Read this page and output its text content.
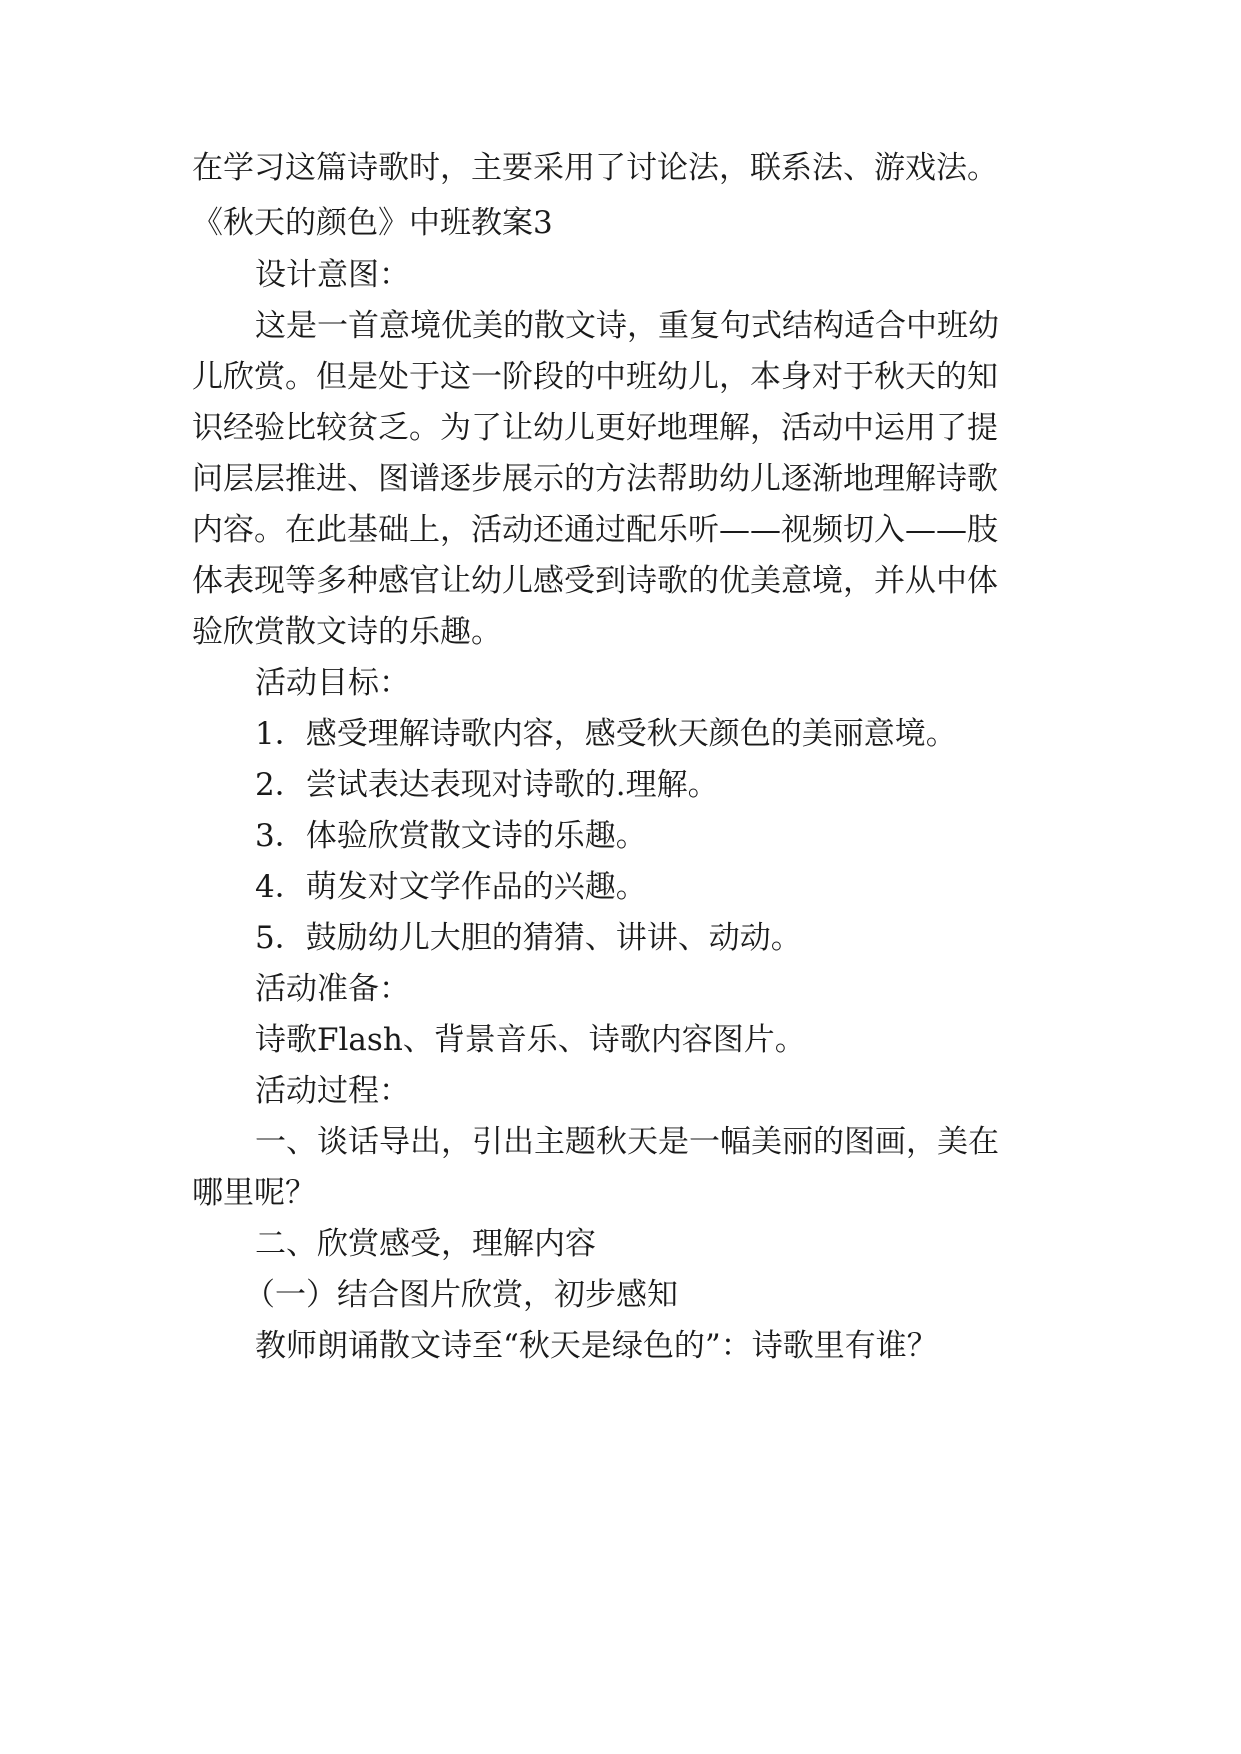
在学习这篇诗歌时，主要采用了讨论法，联系法、游戏法。
《秋天的颜色》中班教案3
设计意图：
这是一首意境优美的散文诗，重复句式结构适合中班幼
儿欣赏。但是处于这一阶段的中班幼儿，本身对于秋天的知
识经验比较贫乏。为了让幼儿更好地理解，活动中运用了提
问层层推进、图谱逐步展示的方法帮助幼儿逐渐地理解诗歌
内容。在此基础上，活动还通过配乐听——视频切入——肢
体表现等多种感官让幼儿感受到诗歌的优美意境，并从中体
验欣赏散文诗的乐趣。
活动目标：
1．感受理解诗歌内容，感受秋天颜色的美丽意境。
2．尝试表达表现对诗歌的.理解。
3．体验欣赏散文诗的乐趣。
4．萌发对文学作品的兴趣。
5．鼓励幼儿大胆的猜猜、讲讲、动动。
活动准备：
诗歌Flash、背景音乐、诗歌内容图片。
活动过程：
一、谈话导出，引出主题秋天是一幅美丽的图画，美在
哪里呢？
二、欣赏感受，理解内容
（一）结合图片欣赏，初步感知
教师朗诵散文诗至“秋天是绿色的”：诗歌里有谁？
